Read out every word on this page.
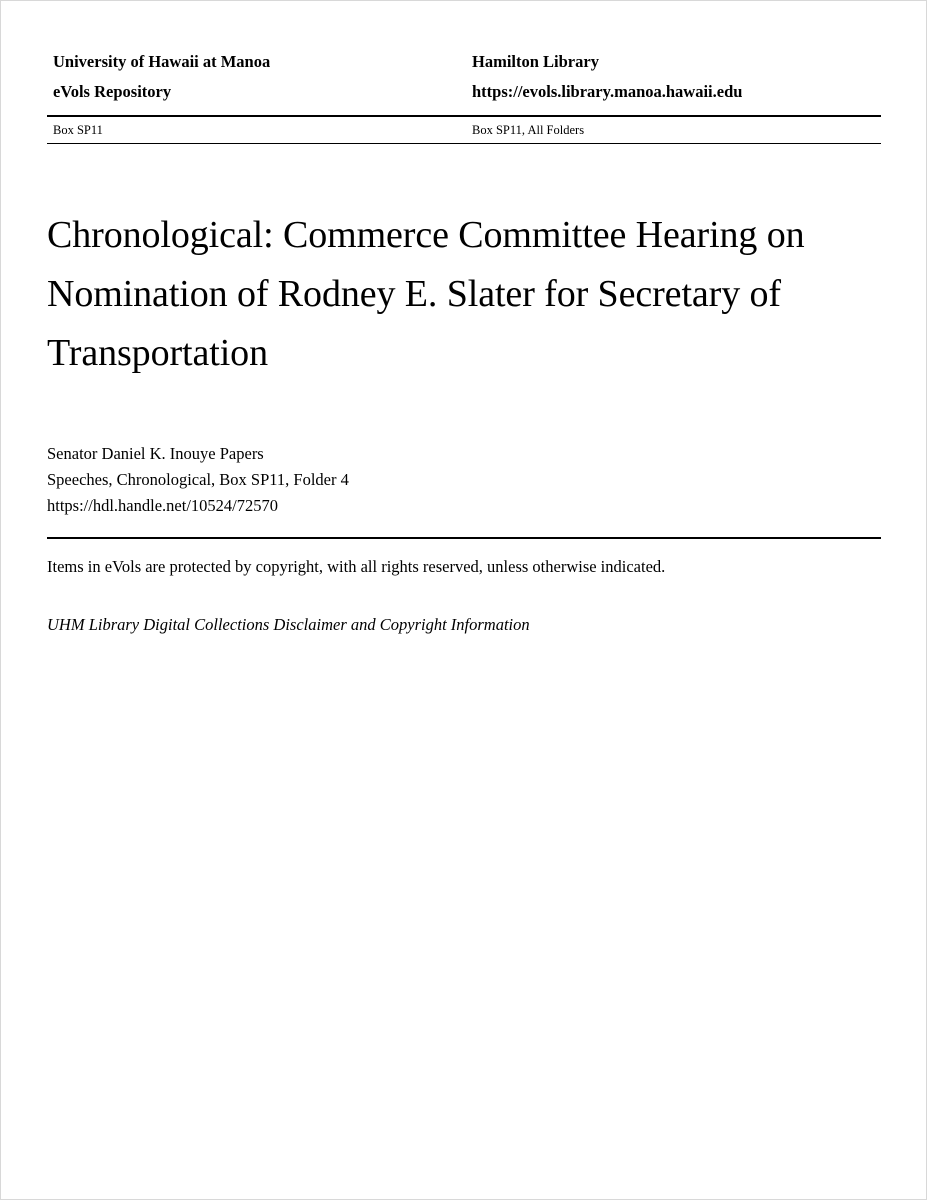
University of Hawaii at Manoa	Hamilton Library
eVols Repository	https://evols.library.manoa.hawaii.edu
Box SP11	Box SP11, All Folders
Chronological: Commerce Committee Hearing on Nomination of Rodney E. Slater for Secretary of Transportation
Senator Daniel K. Inouye Papers
Speeches, Chronological, Box SP11, Folder 4
https://hdl.handle.net/10524/72570
Items in eVols are protected by copyright, with all rights reserved, unless otherwise indicated.
UHM Library Digital Collections Disclaimer and Copyright Information
